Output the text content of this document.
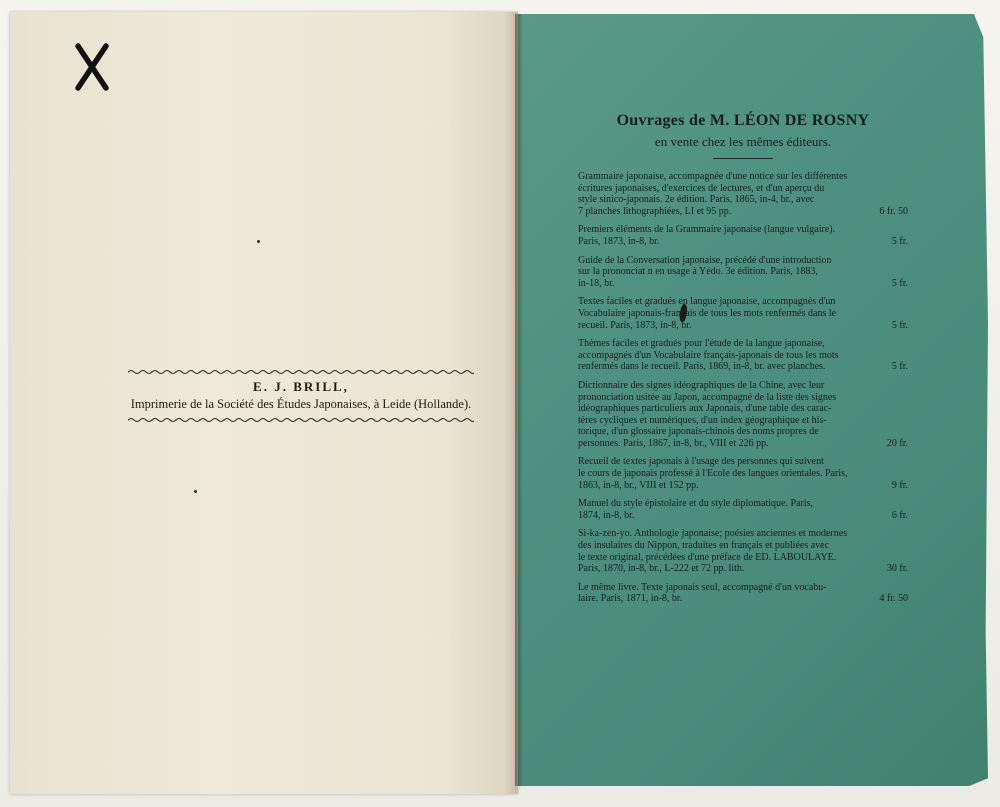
E. J. BRILL,
Imprimerie de la Société des Études Japonaises, à Leide (Hollande).
Ouvrages de M. LÉON DE ROSNY
en vente chez les mêmes éditeurs.
Grammaire japonaise, accompagnée d'une notice sur les différentes
écritures japonaises, d'exercices de lectures, et d'un aperçu du
style sinico-japonais. 2e édition. Paris, 1865, in-4, br., avec
7 planches lithographiées, LI et 95 pp.	6 fr. 50
Premiers éléments de la Grammaire japonaise (langue vulgaire).
Paris, 1873, in-8, br.	5 fr.
Guide de la Conversation japonaise, précédé d'une introduction
sur la prononciat n en usage à Yédo. 3e édition. Paris, 1883,
in-18, br.	5 fr.
Textes faciles et gradués en langue japonaise, accompagnés d'un
Vocabulaire japonais-français de tous les mots renfermés dans le
recueil. Paris, 1873, in-8, br.	5 fr.
Thèmes faciles et gradués pour l'étude de la langue japonaise,
accompagnés d'un Vocabulaire français-japonais de tous les mots
renfermés dans le recueil. Paris, 1869, in-8, br. avec planches.	5 fr.
Dictionnaire des signes idéographiques de la Chine, avec leur
prononciation usitée au Japon, accompagné de la liste des signes
idéographiques particuliers aux Japonais, d'une table des carac-
tères cycliques et numériques, d'un index géographique et his-
torique, d'un glossaire japonais-chinois des noms propres de
personnes. Paris, 1867, in-8, br., VIII et 226 pp.	20 fr.
Recueil de textes japonais à l'usage des personnes qui suivent
le cours de japonais professé à l'Ecole des langues orientales. Paris,
1863, in-8, br., VIII et 152 pp.	9 fr.
Manuel du style épistolaire et du style diplomatique. Paris,
1874, in-8, br.	6 fr.
Si-ka-zen-yo. Anthologie japonaise; poésies anciennes et modernes
des insulaires du Nippon, traduites en français et publiées avec
le texte original, précédées d'une préface de ED. LABOULAYE.
Paris, 1870, in-8, br., L-222 et 72 pp. lith.	30 fr.
Le même livre. Texte japonais seul, accompagné d'un vocabu-
laire. Paris, 1871, in-8, br.	4 fr. 50
